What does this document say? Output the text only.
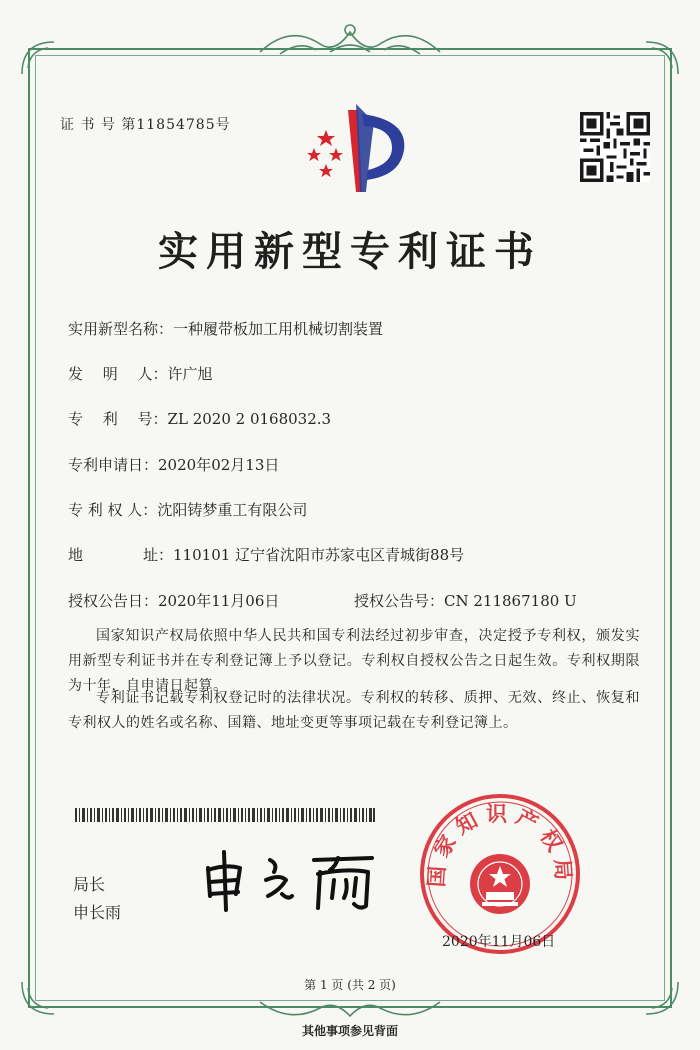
证 书 号 第11854785号
实用新型专利证书
实用新型名称：一种履带板加工用机械切割装置
发　 明　 人：许广旭
专　 利　 号：ZL 2020 2 0168032.3
专利申请日：2020年02月13日
专 利 权 人：沈阳铸梦重工有限公司
地　　　　址：110101 辽宁省沈阳市苏家屯区青城街88号
授权公告日：2020年11月06日	授权公告号：CN 211867180 U
国家知识产权局依照中华人民共和国专利法经过初步审查，决定授予专利权，颁发实用新型专利证书并在专利登记簿上予以登记。专利权自授权公告之日起生效。专利权期限为十年，自申请日起算。
专利证书记载专利权登记时的法律状况。专利权的转移、质押、无效、终止、恢复和专利权人的姓名或名称、国籍、地址变更等事项记载在专利登记簿上。
局长
申长雨
国家知识产权局
2020年11月06日
第 1 页 (共 2 页)
其他事项参见背面
